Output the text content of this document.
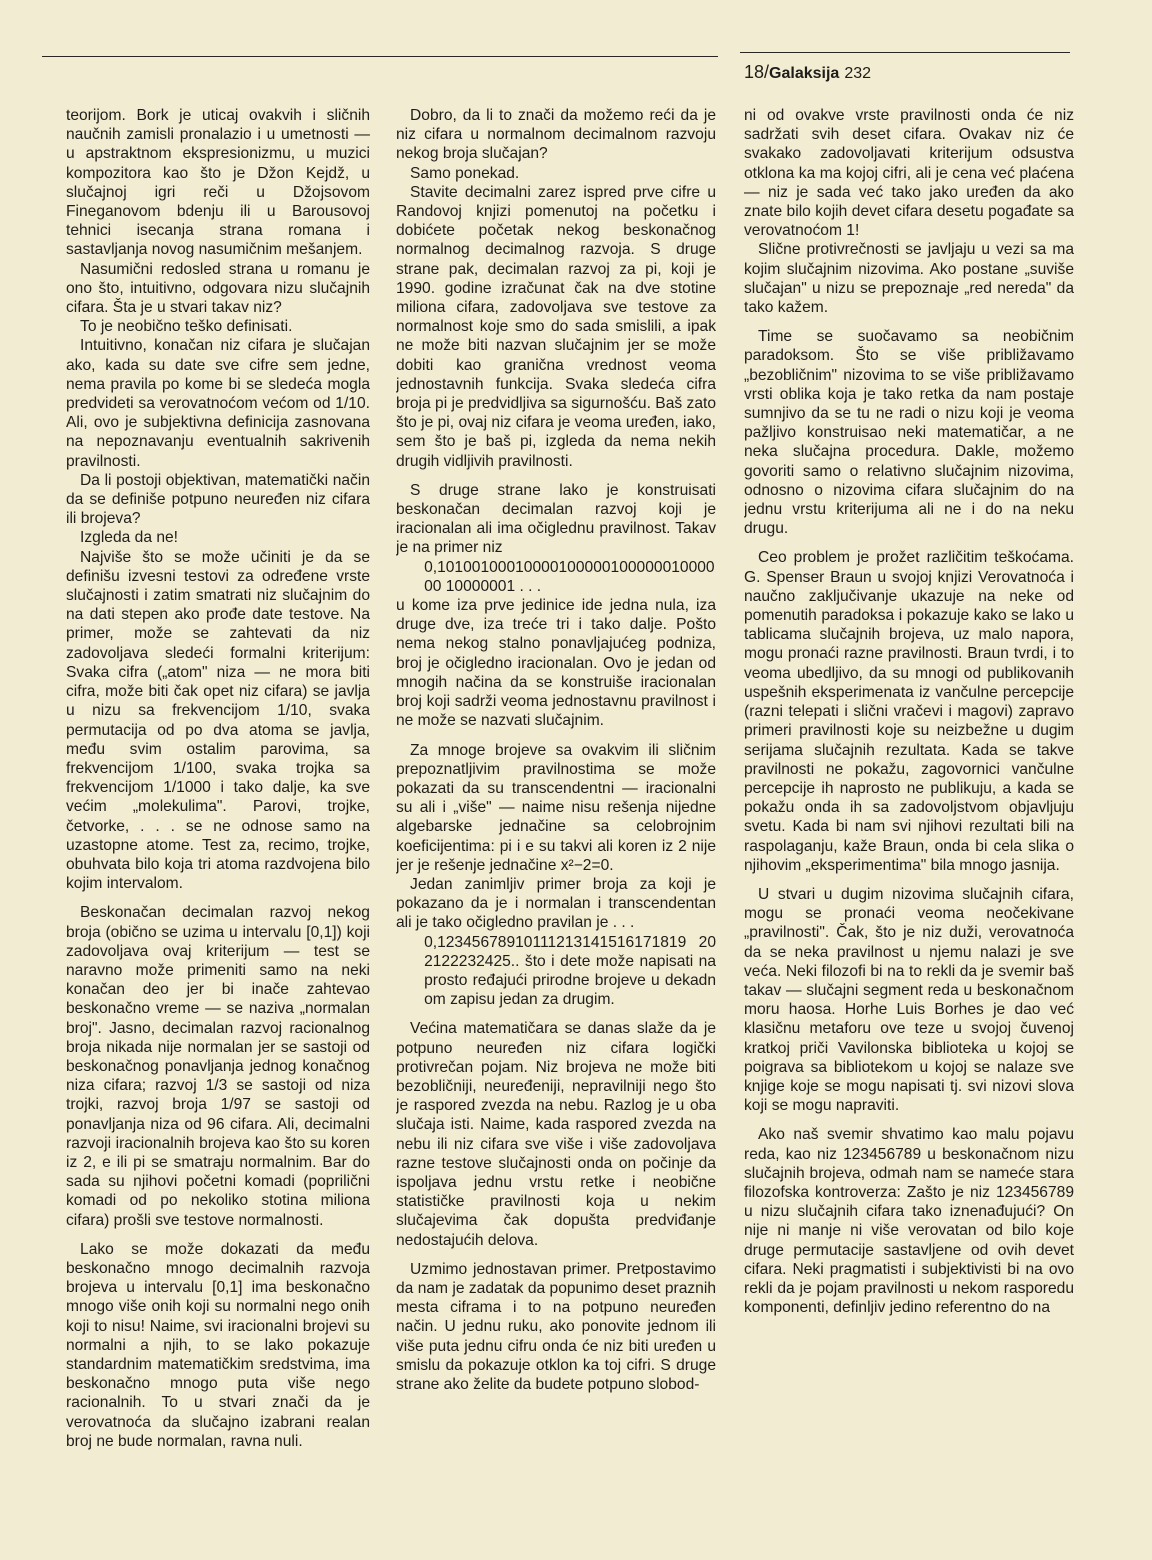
18/Galaksija 232

teorijom. Bork je uticaj ovakvih i sličnih naučnih zamisli pronalazio i u umetnosti — u apstraktnom ekspresionizmu, u muzici kompozitora kao što je Džon Kejdž, u slučajnoj igri reči u Džojsovom Fineganovom bdenju ili u Barousovoj tehnici isecanja strana romana i sastavljanja novog nasumičnim mešanjem.

Nasumični redosled strana u romanu je ono što, intuitivno, odgovara nizu slučajnih cifara. Šta je u stvari takav niz?

To je neobično teško definisati.

Intuitivno, konačan niz cifara je slučajan ako, kada su date sve cifre sem jedne, nema pravila po kome bi se sledeća mogla predvideti sa verovatnoćom većom od 1/10. Ali, ovo je subjektivna definicija zasnovana na nepoznavanju eventualnih sakrivenih pravilnosti.

Da li postoji objektivan, matematički način da se definiše potpuno neuređen niz cifara ili brojeva?

Izgleda da ne!

Najviše što se može učiniti je da se definišu izvesni testovi za određene vrste slučajnosti i zatim smatrati niz slučajnim do na dati stepen ako prođe date testove. Na primer, može se zahtevati da niz zadovoljava sledeći formalni kriterijum: Svaka cifra („atom" niza — ne mora biti cifra, može biti čak opet niz cifara) se javlja u nizu sa frekvencijom 1/10, svaka permutacija od po dva atoma se javlja, među svim ostalim parovima, sa frekvencijom 1/100, svaka trojka sa frekvencijom 1/1000 i tako dalje, ka sve većim „molekulima". Parovi, trojke, četvorke, . . . se ne odnose samo na uzastopne atome. Test za, recimo, trojke, obuhvata bilo koja tri atoma razdvojena bilo kojim intervalom.

Beskonačan decimalan razvoj nekog broja (obično se uzima u intervalu [0,1]) koji zadovoljava ovaj kriterijum — test se naravno može primeniti samo na neki konačan deo jer bi inače zahtevao beskonačno vreme — se naziva „normalan broj". Jasno, decimalan razvoj racionalnog broja nikada nije normalan jer se sastoji od beskonačnog ponavljanja jednog konačnog niza cifara; razvoj 1/3 se sastoji od niza trojki, razvoj broja 1/97 se sastoji od ponavljanja niza od 96 cifara. Ali, decimalni razvoji iracionalnih brojeva kao što su koren iz 2, e ili pi se smatraju normalnim. Bar do sada su njihovi početni komadi (poprilični komadi od po nekoliko stotina miliona cifara) prošli sve testove normalnosti.

Lako se može dokazati da među beskonačno mnogo decimalnih razvoja brojeva u intervalu [0,1] ima beskonačno mnogo više onih koji su normalni nego onih koji to nisu! Naime, svi iracionalni brojevi su normalni a njih, to se lako pokazuje standardnim matematičkim sredstvima, ima beskonačno mnogo puta više nego racionalnih. To u stvari znači da je verovatnoća da slučajno izabrani realan broj ne bude normalan, ravna nuli.

Dobro, da li to znači da možemo reći da je niz cifara u normalnom decimalnom razvoju nekog broja slučajan?

Samo ponekad.

Stavite decimalni zarez ispred prve cifre u Randovoj knjizi pomenutoj na početku i dobićete početak nekog beskonačnog normalnog decimalnog razvoja. S druge strane pak, decimalan razvoj za pi, koji je 1990. godine izračunat čak na dve stotine miliona cifara, zadovoljava sve testove za normalnost koje smo do sada smislili, a ipak ne može biti nazvan slučajnim jer se može dobiti kao granična vrednost veoma jednostavnih funkcija. Svaka sledeća cifra broja pi je predvidljiva sa sigurnošću. Baš zato što je pi, ovaj niz cifara je veoma uređen, iako, sem što je baš pi, izgleda da nema nekih drugih vidljivih pravilnosti.

S druge strane lako je konstruisati beskonačan decimalan razvoj koji je iracionalan ali ima očiglednu pravilnost. Takav je na primer niz

0,1010010001000010000010000001000000 10000001 . . .

u kome iza prve jedinice ide jedna nula, iza druge dve, iza treće tri i tako dalje. Pošto nema nekog stalno ponavljajućeg podniza, broj je očigledno iracionalan. Ovo je jedan od mnogih načina da se konstruiše iracionalan broj koji sadrži veoma jednostavnu pravilnost i ne može se nazvati slučajnim.

Za mnoge brojeve sa ovakvim ili sličnim prepoznatljivim pravilnostima se može pokazati da su transcendentni — iracionalni su ali i „više" — naime nisu rešenja nijedne algebarske jednačine sa celobrojnim koeficijentima: pi i e su takvi ali koren iz 2 nije jer je rešenje jednačine x²−2=0.

Jedan zanimljiv primer broja za koji je pokazano da je i normalan i transcendentan ali je tako očigledno pravilan je . . .

0,12345678910111213141516171819 202122232425.. što i dete može napisati naprosto ređajući prirodne brojeve u dekadnom zapisu jedan za drugim.

Većina matematičara se danas slaže da je potpuno neuređen niz cifara logički protivrečan pojam. Niz brojeva ne može biti bezobličniji, neuređeniji, nepravilniji nego što je raspored zvezda na nebu. Razlog je u oba slučaja isti. Naime, kada raspored zvezda na nebu ili niz cifara sve više i više zadovoljava razne testove slučajnosti onda on počinje da ispoljava jednu vrstu retke i neobične statističke pravilnosti koja u nekim slučajevima čak dopušta predviđanje nedostajućih delova.

Uzmimo jednostavan primer. Pretpostavimo da nam je zadatak da popunimo deset praznih mesta ciframa i to na potpuno neuređen način. U jednu ruku, ako ponovite jednom ili više puta jednu cifru onda će niz biti uređen u smislu da pokazuje otklon ka toj cifri. S druge strane ako želite da budete potpuno slobod-

ni od ovakve vrste pravilnosti onda će niz sadržati svih deset cifara. Ovakav niz će svakako zadovoljavati kriterijum odsustva otklona ka ma kojoj cifri, ali je cena već plaćena — niz je sada već tako jako uređen da ako znate bilo kojih devet cifara desetu pogađate sa verovatnoćom 1!

Slične protivrečnosti se javljaju u vezi sa ma kojim slučajnim nizovima. Ako postane „suviše slučajan" u nizu se prepoznaje „red nereda" da tako kažem.

Time se suočavamo sa neobičnim paradoksom. Što se više približavamo „bezobličnim" nizovima to se više približavamo vrsti oblika koja je tako retka da nam postaje sumnjivo da se tu ne radi o nizu koji je veoma pažljivo konstruisao neki matematičar, a ne neka slučajna procedura. Dakle, možemo govoriti samo o relativno slučajnim nizovima, odnosno o nizovima cifara slučajnim do na jednu vrstu kriterijuma ali ne i do na neku drugu.

Ceo problem je prožet različitim teškoćama. G. Spenser Braun u svojoj knjizi Verovatnoća i naučno zaključivanje ukazuje na neke od pomenutih paradoksa i pokazuje kako se lako u tablicama slučajnih brojeva, uz malo napora, mogu pronaći razne pravilnosti. Braun tvrdi, i to veoma ubedljivo, da su mnogi od publikovanih uspešnih eksperimenata iz vančulne percepcije (razni telepati i slični vračevi i magovi) zapravo primeri pravilnosti koje su neizbežne u dugim serijama slučajnih rezultata. Kada se takve pravilnosti ne pokažu, zagovornici vančulne percepcije ih naprosto ne publikuju, a kada se pokažu onda ih sa zadovoljstvom objavljuju svetu. Kada bi nam svi njihovi rezultati bili na raspolaganju, kaže Braun, onda bi cela slika o njihovim „eksperimentima" bila mnogo jasnija.

U stvari u dugim nizovima slučajnih cifara, mogu se pronaći veoma neočekivane „pravilnosti". Čak, što je niz duži, verovatnoća da se neka pravilnost u njemu nalazi je sve veća. Neki filozofi bi na to rekli da je svemir baš takav — slučajni segment reda u beskonačnom moru haosa. Horhe Luis Borhes je dao već klasičnu metaforu ove teze u svojoj čuvenoj kratkoj priči Vavilonska biblioteka u kojoj se poigrava sa bibliotekom u kojoj se nalaze sve knjige koje se mogu napisati tj. svi nizovi slova koji se mogu napraviti.

Ako naš svemir shvatimo kao malu pojavu reda, kao niz 123456789 u beskonačnom nizu slučajnih brojeva, odmah nam se nameće stara filozofska kontroverza: Zašto je niz 123456789 u nizu slučajnih cifara tako iznenađujući? On nije ni manje ni više verovatan od bilo koje druge permutacije sastavljene od ovih devet cifara. Neki pragmatisti i subjektivisti bi na ovo rekli da je pojam pravilnosti u nekom rasporedu komponenti, definljiv jedino referentno do na
